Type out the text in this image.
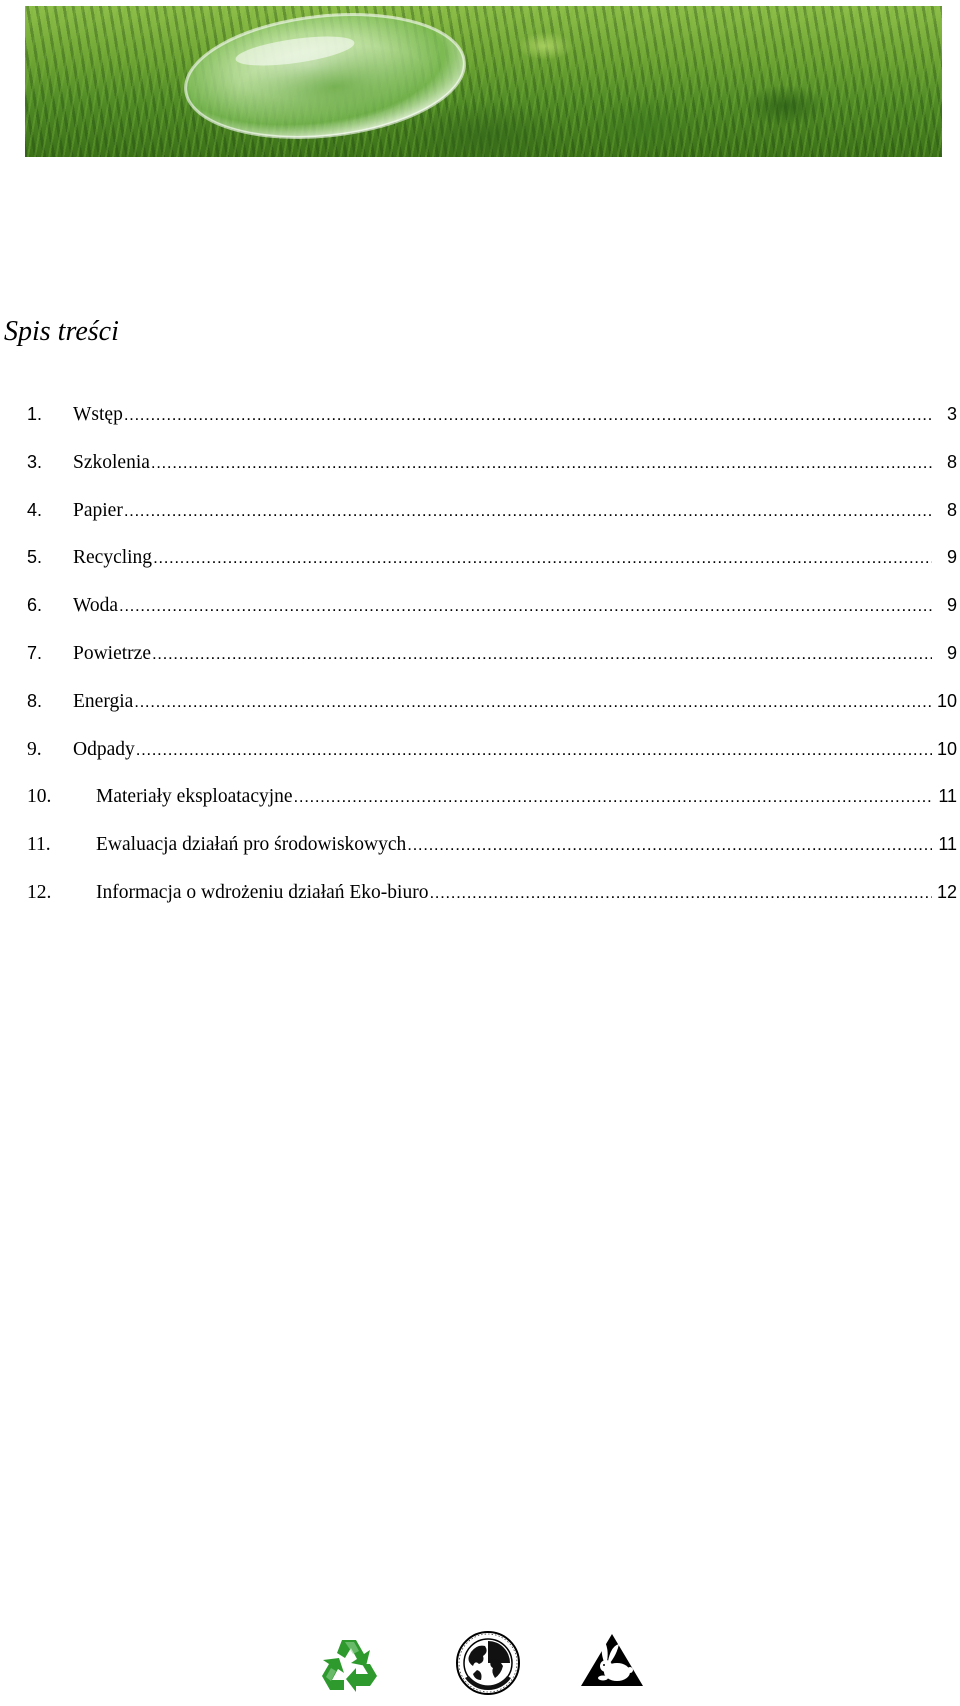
Spis treści
1.	Wstęp .....	3
3.	Szkolenia .....	8
4.	Papier .....	8
5.	Recycling .....	9
6.	Woda .....	9
7.	Powietrze .....	9
8.	Energia .....	10
9.	Odpady .....	10
10.	Materiały eksploatacyjne .....	11
11.	Ewaluacja działań pro środowiskowych .....	11
12.	Informacja o wdrożeniu działań Eko-biuro .....	12
